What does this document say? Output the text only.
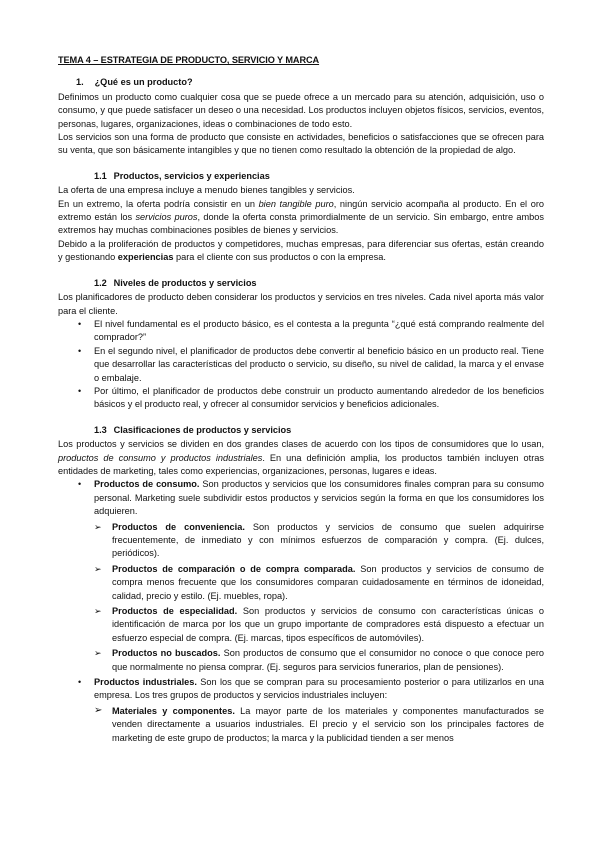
TEMA 4 – ESTRATEGIA DE PRODUCTO, SERVICIO Y MARCA
1. ¿Qué es un producto?

Definimos un producto como cualquier cosa que se puede ofrece a un mercado para su atención, adquisición, uso o consumo, y que puede satisfacer un deseo o una necesidad. Los productos incluyen objetos físicos, servicios, eventos, personas, lugares, organizaciones, ideas o combinaciones de todo esto.

Los servicios son una forma de producto que consiste en actividades, beneficios o satisfacciones que se ofrecen para su venta, que son básicamente intangibles y que no tienen como resultado la obtención de la propiedad de algo.

1.1 Productos, servicios y experiencias

La oferta de una empresa incluye a menudo bienes tangibles y servicios.

En un extremo, la oferta podría consistir en un bien tangible puro, ningún servicio acompaña al producto. En el oro extremo están los servicios puros, donde la oferta consta primordialmente de un servicio. Sin embargo, entre ambos extremos hay muchas combinaciones posibles de bienes y servicios.

Debido a la proliferación de productos y competidores, muchas empresas, para diferenciar sus ofertas, están creando y gestionando experiencias para el cliente con sus productos o con la empresa.

1.2 Niveles de productos y servicios

Los planificadores de producto deben considerar los productos y servicios en tres niveles. Cada nivel aporta más valor para el cliente.

• El nivel fundamental es el producto básico, es el contesta a la pregunta “¿qué está comprando realmente del comprador?”
• En el segundo nivel, el planificador de productos debe convertir al beneficio básico en un producto real. Tiene que desarrollar las características del producto o servicio, su diseño, su nivel de calidad, la marca y el envase o embalaje.
• Por último, el planificador de productos debe construir un producto aumentando alrededor de los beneficios básicos y el producto real, y ofrecer al consumidor servicios y beneficios adicionales.
1.3 Clasificaciones de productos y servicios

Los productos y servicios se dividen en dos grandes clases de acuerdo con los tipos de consumidores que lo usan, productos de consumo y productos industriales. En una definición amplia, los productos también incluyen otras entidades de marketing, tales como experiencias, organizaciones, personas, lugares e ideas.

• Productos de consumo. Son productos y servicios que los consumidores finales compran para su consumo personal. Marketing suele subdividir estos productos y servicios según la forma en que los consumidores los adquieren.
➢ Productos de conveniencia. Son productos y servicios de consumo que suelen adquirirse frecuentemente, de inmediato y con mínimos esfuerzos de comparación y compra. (Ej. dulces, periódicos).
➢ Productos de comparación o de compra comparada. Son productos y servicios de consumo de compra menos frecuente que los consumidores comparan cuidadosamente en términos de idoneidad, calidad, precio y estilo. (Ej. muebles, ropa).
➢ Productos de especialidad. Son productos y servicios de consumo con características únicas o identificación de marca por los que un grupo importante de compradores está dispuesto a efectuar un esfuerzo especial de compra. (Ej. marcas, tipos específicos de automóviles).
➢ Productos no buscados. Son productos de consumo que el consumidor no conoce o que conoce pero que normalmente no piensa comprar. (Ej. seguros para servicios funerarios, plan de pensiones).
• Productos industriales. Son los que se compran para su procesamiento posterior o para utilizarlos en una empresa. Los tres grupos de productos y servicios industriales incluyen:
➢ Materiales y componentes. La mayor parte de los materiales y componentes manufacturados se venden directamente a usuarios industriales. El precio y el servicio son los principales factores de marketing de este grupo de productos; la marca y la publicidad tienden a ser menos
